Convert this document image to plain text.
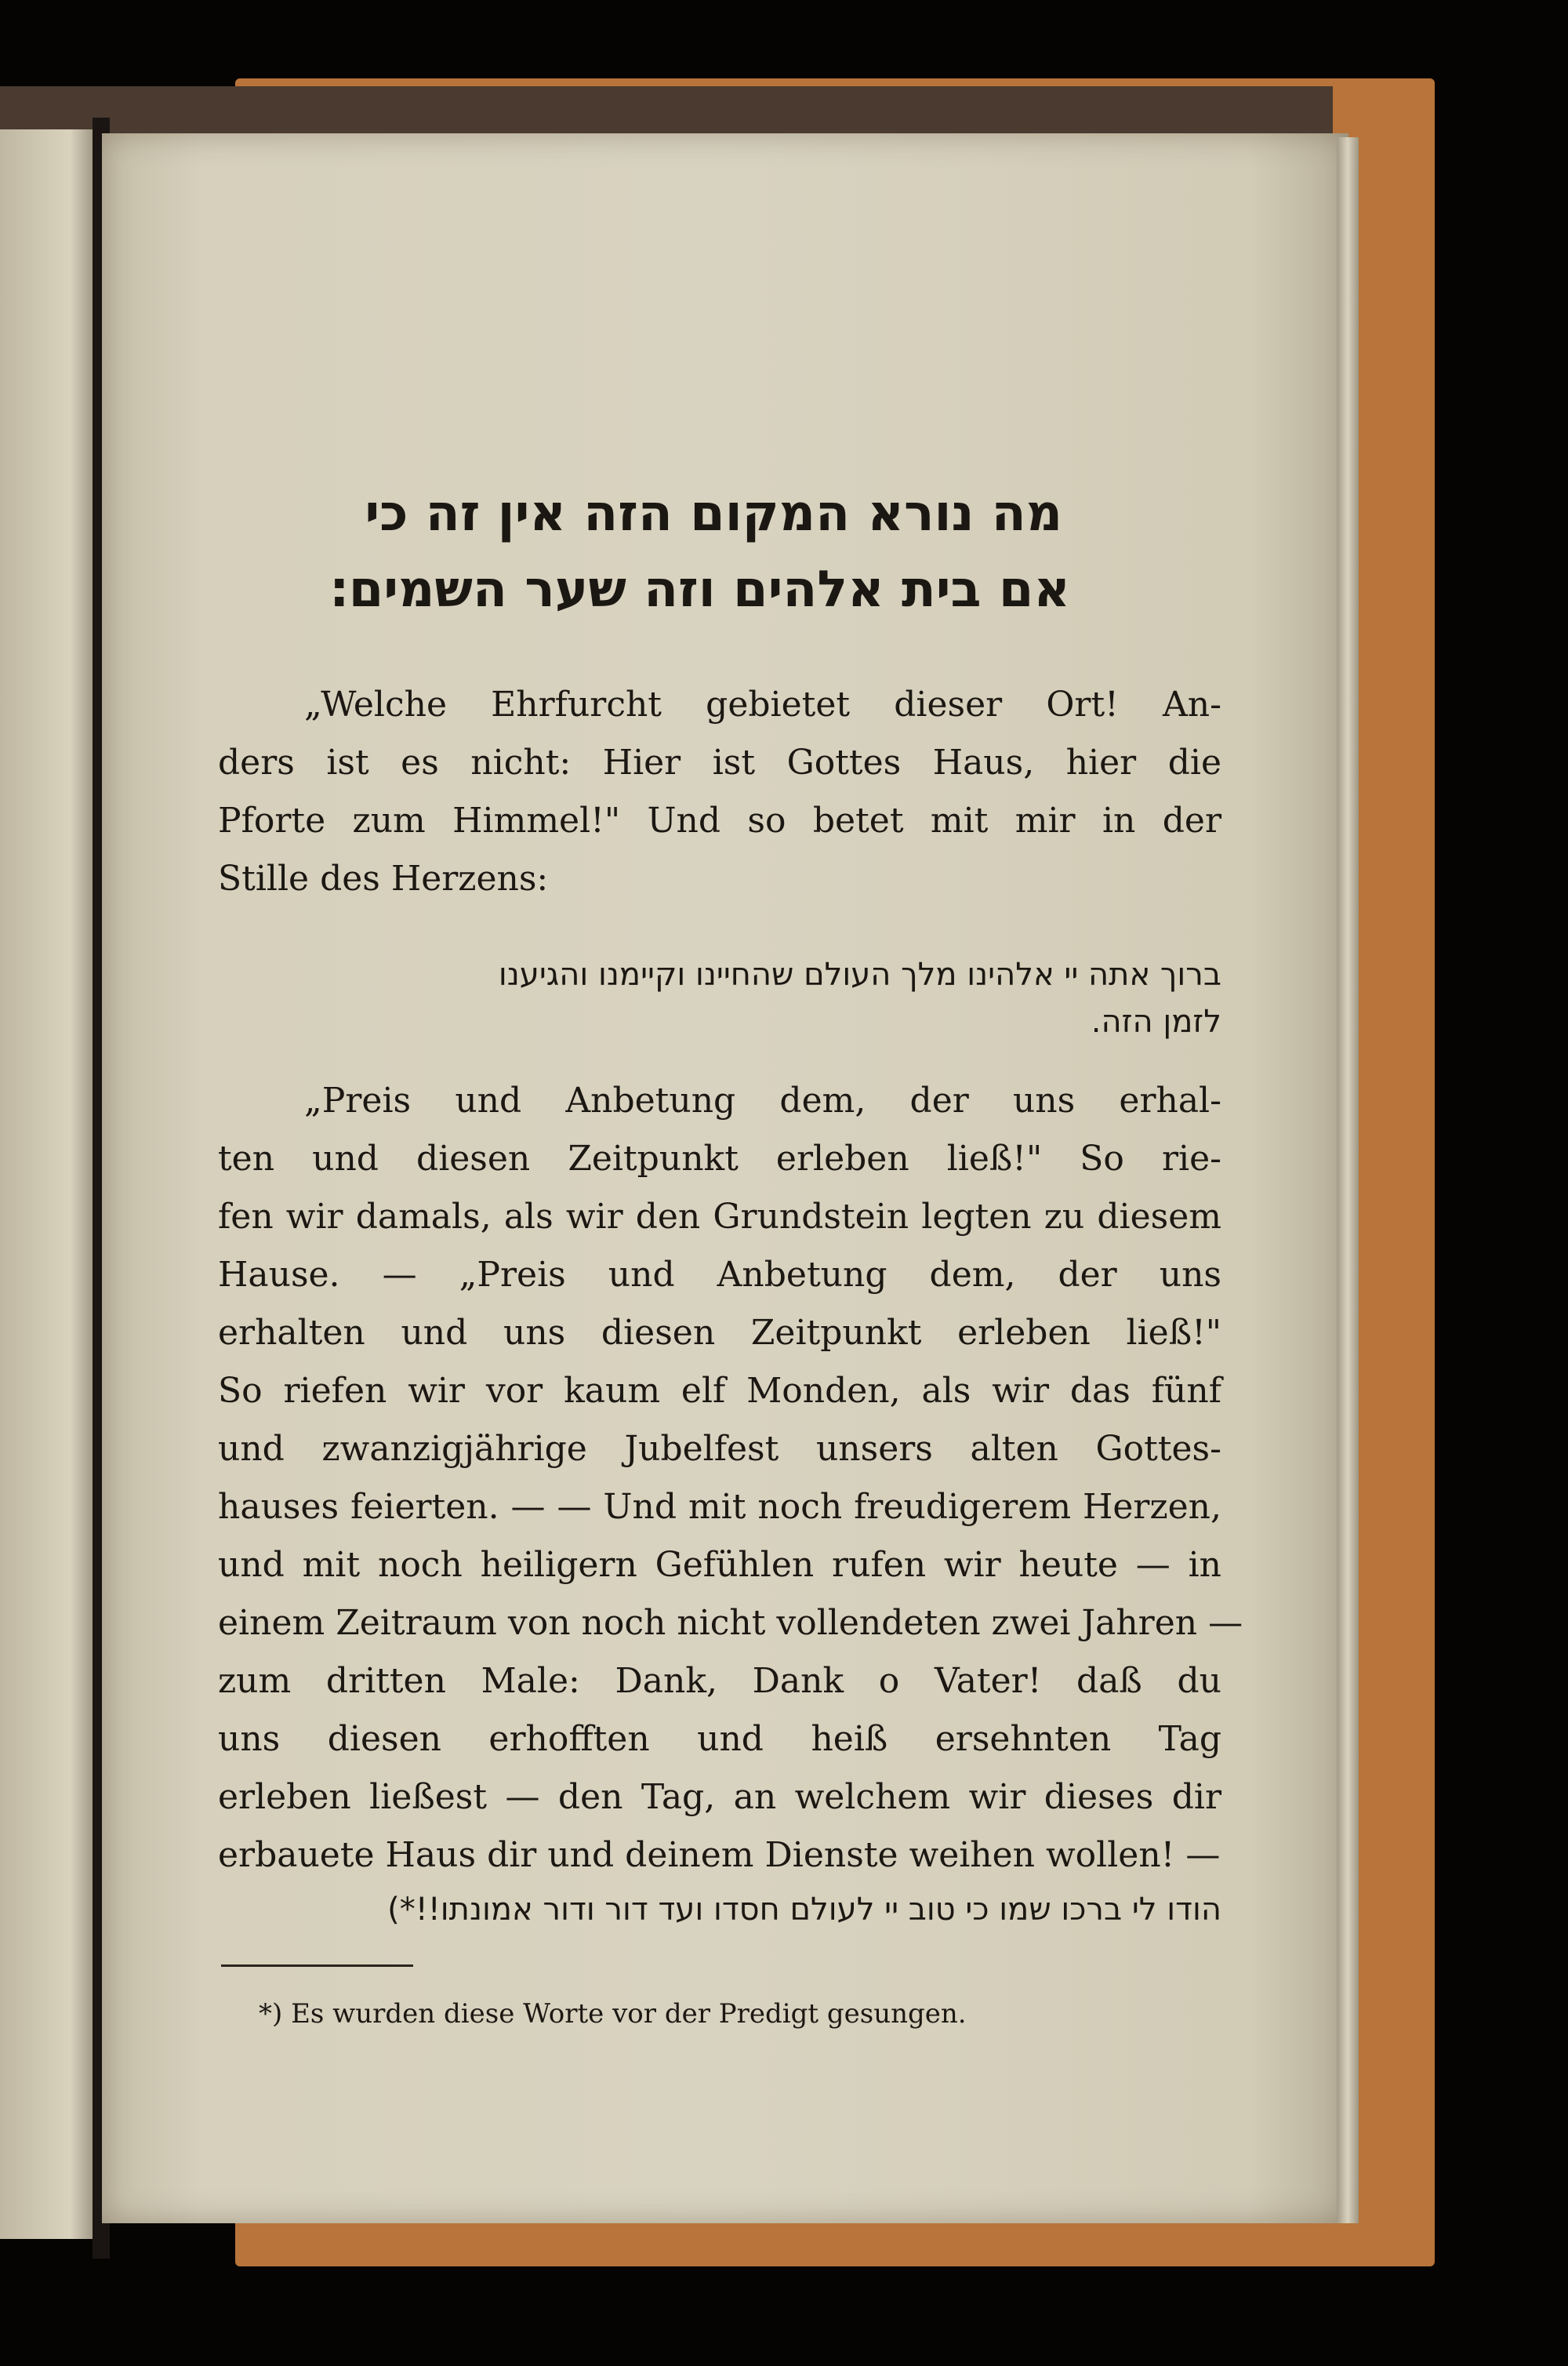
מה נורא המקום הזה אין זה כי
אם בית אלהים וזה שער השמים׃
„Welche Ehrfurcht gebietet dieser Ort! An-
ders ist es nicht: Hier ist Gottes Haus, hier die
Pforte zum Himmel!" Und so betet mit mir in der
Stille des Herzens:
ברוך אתה יי אלהינו מלך העולם שהחיינו וקיימנו והגיענו
לזמן הזה.
„Preis und Anbetung dem, der uns erhal-
ten und diesen Zeitpunkt erleben ließ!" So rie-
fen wir damals, als wir den Grundstein legten zu diesem
Hause. — „Preis und Anbetung dem, der uns
erhalten und uns diesen Zeitpunkt erleben ließ!"
So riefen wir vor kaum elf Monden, als wir das fünf
und zwanzigjährige Jubelfest unsers alten Gottes-
hauses feierten. — — Und mit noch freudigerem Herzen,
und mit noch heiligern Gefühlen rufen wir heute — in
einem Zeitraum von noch nicht vollendeten zwei Jahren —
zum dritten Male: Dank, Dank o Vater! daß du
uns diesen erhofften und heiß ersehnten Tag
erleben ließest — den Tag, an welchem wir dieses dir
erbauete Haus dir und deinem Dienste weihen wollen! —
הודו לי ברכו שמו כי טוב יי לעולם חסדו ועד דור ודור אמונתו!!*)
*) Es wurden diese Worte vor der Predigt gesungen.
